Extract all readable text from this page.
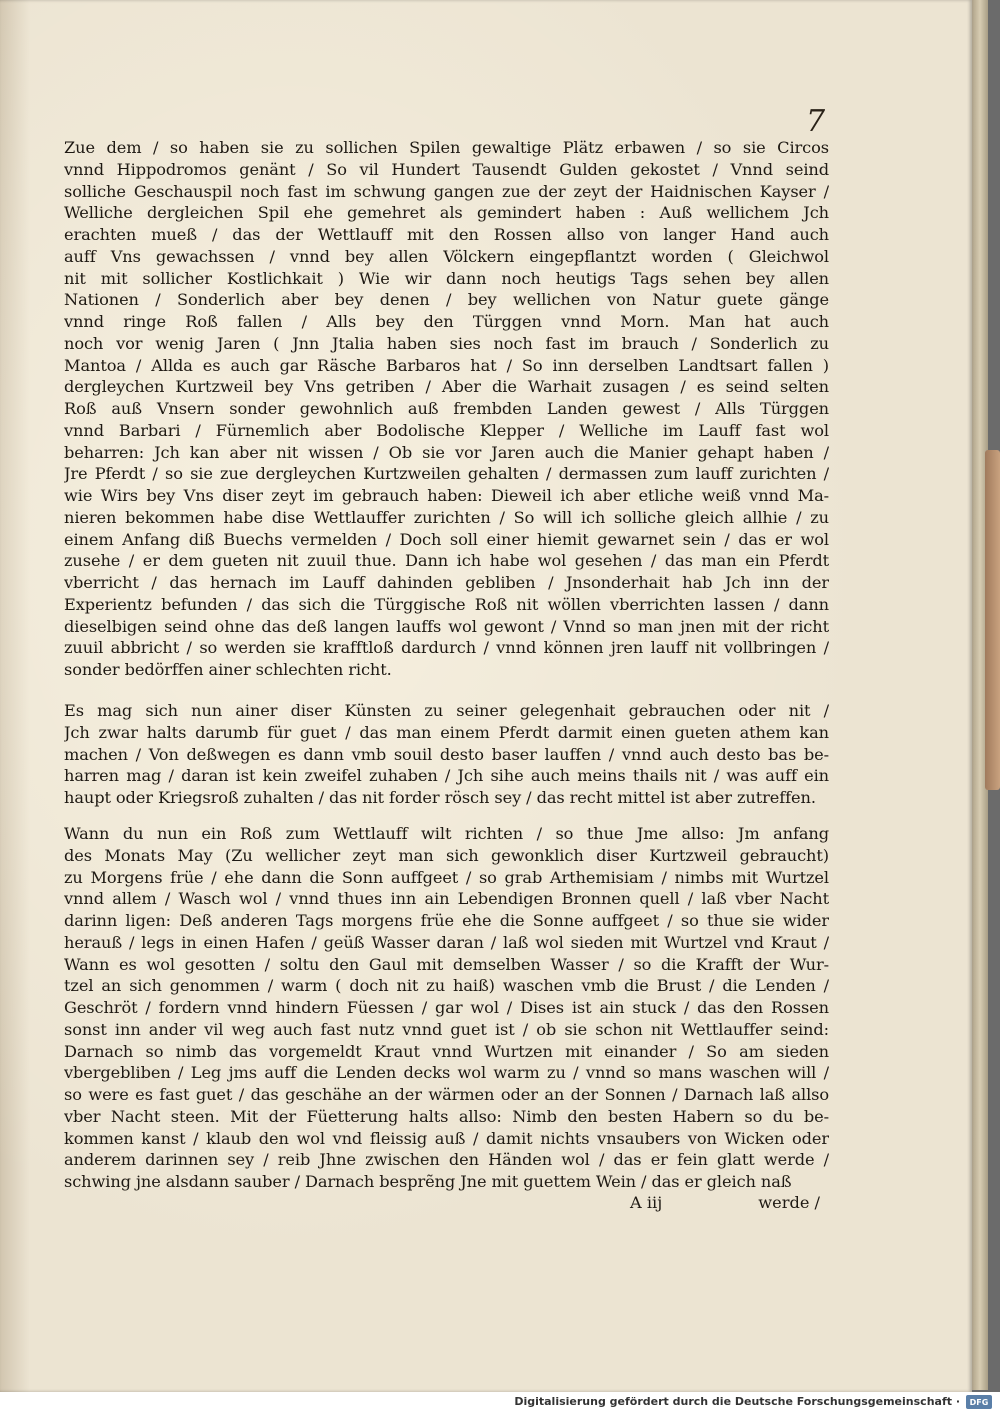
7
Zue dem / so haben sie zu sollichen Spilen gewaltige Plätz erbawen / so sie Circos
vnnd Hippodromos genänt / So vil Hundert Tausendt Gulden gekostet / Vnnd seind
solliche Geschauspil noch fast im schwung gangen zue der zeyt der Haidnischen Kayser /
Welliche dergleichen Spil ehe gemehret als gemindert haben : Auß wellichem Jch
erachten mueß / das der Wettlauff mit den Rossen allso von langer Hand auch
auff Vns gewachssen / vnnd bey allen Völckern eingepflantzt worden ( Gleichwol
nit mit sollicher Kostlichkait ) Wie wir dann noch heutigs Tags sehen bey allen
Nationen / Sonderlich aber bey denen / bey wellichen von Natur guete gänge
vnnd ringe Roß fallen / Alls bey den Türggen vnnd Morn. Man hat auch
noch vor wenig Jaren ( Jnn Jtalia haben sies noch fast im brauch / Sonderlich zu
Mantoa / Allda es auch gar Räsche Barbaros hat / So inn derselben Landtsart fallen )
dergleychen Kurtzweil bey Vns getriben / Aber die Warhait zusagen / es seind selten
Roß auß Vnsern sonder gewohnlich auß frembden Landen gewest / Alls Türggen
vnnd Barbari / Fürnemlich aber Bodolische Klepper / Welliche im Lauff fast wol
beharren: Jch kan aber nit wissen / Ob sie vor Jaren auch die Manier gehapt haben /
Jre Pferdt / so sie zue dergleychen Kurtzweilen gehalten / dermassen zum lauff zurichten /
wie Wirs bey Vns diser zeyt im gebrauch haben: Dieweil ich aber etliche weiß vnnd Ma-
nieren bekommen habe dise Wettlauffer zurichten / So will ich solliche gleich allhie / zu
einem Anfang diß Buechs vermelden / Doch soll einer hiemit gewarnet sein / das er wol
zusehe / er dem gueten nit zuuil thue. Dann ich habe wol gesehen / das man ein Pferdt
vberricht / das hernach im Lauff dahinden gebliben / Jnsonderhait hab Jch inn der
Experientz befunden / das sich die Türggische Roß nit wöllen vberrichten lassen / dann
dieselbigen seind ohne das deß langen lauffs wol gewont / Vnnd so man jnen mit der richt
zuuil abbricht / so werden sie krafftloß dardurch / vnnd können jren lauff nit vollbringen /
sonder bedörffen ainer schlechten richt.
Es mag sich nun ainer diser Künsten zu seiner gelegenhait gebrauchen oder nit /
Jch zwar halts darumb für guet / das man einem Pferdt darmit einen gueten athem kan
machen / Von deßwegen es dann vmb souil desto baser lauffen / vnnd auch desto bas be-
harren mag / daran ist kein zweifel zuhaben / Jch sihe auch meins thails nit / was auff ein
haupt oder Kriegsroß zuhalten / das nit forder rösch sey / das recht mittel ist aber zutreffen.
Wann du nun ein Roß zum Wettlauff wilt richten / so thue Jme allso: Jm anfang
des Monats May (Zu wellicher zeyt man sich gewonklich diser Kurtzweil gebraucht)
zu Morgens früe / ehe dann die Sonn auffgeet / so grab Arthemisiam / nimbs mit Wurtzel
vnnd allem / Wasch wol / vnnd thues inn ain Lebendigen Bronnen quell / laß vber Nacht
darinn ligen: Deß anderen Tags morgens früe ehe die Sonne auffgeet / so thue sie wider
herauß / legs in einen Hafen / geüß Wasser daran / laß wol sieden mit Wurtzel vnd Kraut /
Wann es wol gesotten / soltu den Gaul mit demselben Wasser / so die Krafft der Wur-
tzel an sich genommen / warm ( doch nit zu haiß) waschen vmb die Brust / die Lenden /
Geschröt / fordern vnnd hindern Füessen / gar wol / Dises ist ain stuck / das den Rossen
sonst inn ander vil weg auch fast nutz vnnd guet ist / ob sie schon nit Wettlauffer seind:
Darnach so nimb das vorgemeldt Kraut vnnd Wurtzen mit einander / So am sieden
vbergebliben / Leg jms auff die Lenden decks wol warm zu / vnnd so mans waschen will /
so were es fast guet / das geschähe an der wärmen oder an der Sonnen / Darnach laß allso
vber Nacht steen. Mit der Füetterung halts allso: Nimb den besten Habern so du be-
kommen kanst / klaub den wol vnd fleissig auß / damit nichts vnsaubers von Wicken oder
anderem darinnen sey / reib Jhne zwischen den Händen wol / das er fein glatt werde /
schwing jne alsdann sauber / Darnach besprẽng Jne mit guettem Wein / das er gleich naß
A iij	werde /
Digitalisierung gefördert durch die Deutsche Forschungsgemeinschaft ·	DFG
